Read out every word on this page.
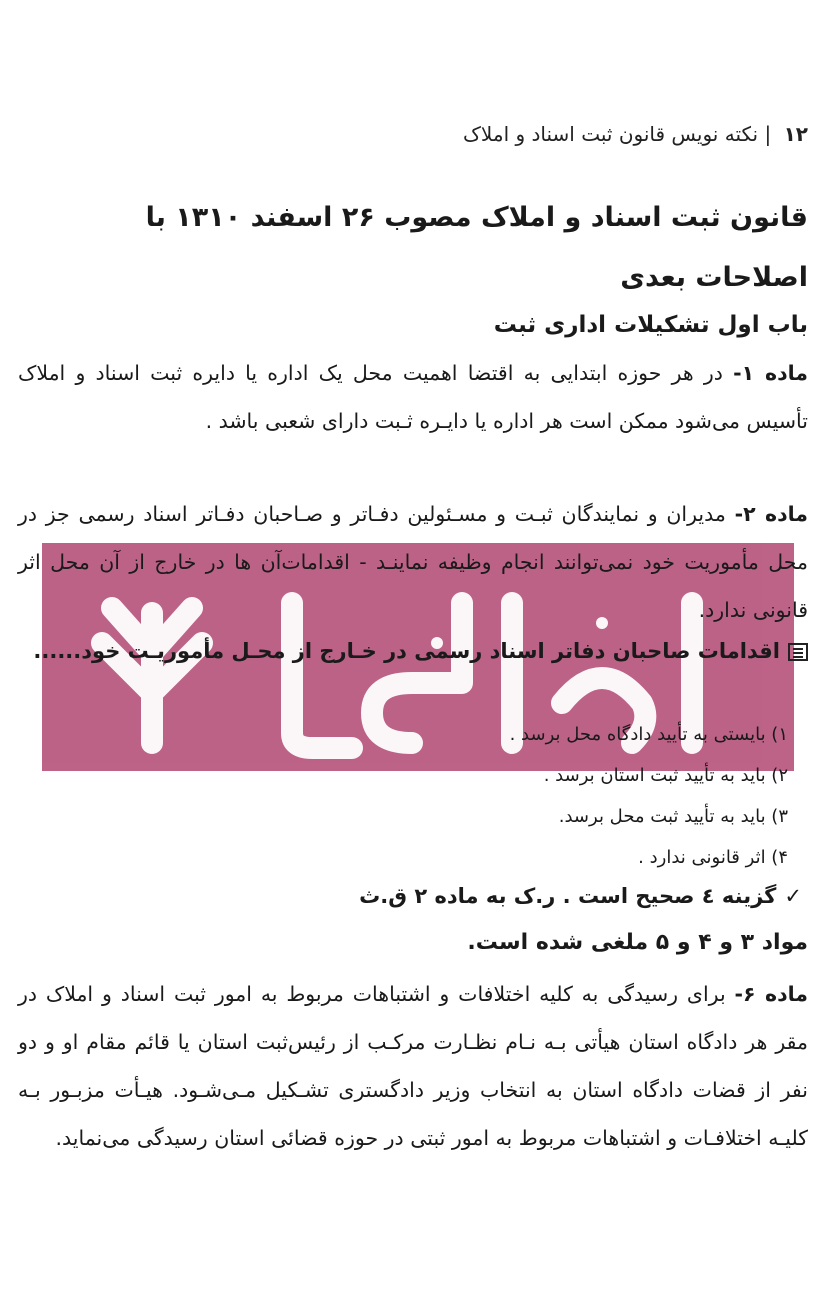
۱۲ | نکته نویس قانون ثبت اسناد و املاک
قانون ثبت اسناد و املاک مصوب ۲۶ اسفند ۱۳۱۰ با اصلاحات بعدی
باب اول تشکیلات اداری ثبت
ماده ۱- در هر حوزه ابتدایی به اقتضا اهمیت محل یک اداره یا دایره ثبت اسناد و املاک تأسیس می‌شود ممکن است هر اداره یا دایـره ثـبت دارای شعبی باشد .
ماده ۲- مدیران و نمایندگان ثبـت و مسـئولین دفـاتر و صـاحبان دفـاتر اسناد رسمی جز در محل مأموریت خود نمی‌توانند انجام وظیفه نماینـد - اقدامات‌آن ها در خارج از آن محل اثر قانونی ندارد.
اقدامات صاحبان دفاتر اسناد رسمی در خـارج از محـل مأموریـت خود......
۱) بایستی به تأیید دادگاه محل برسد .
۲) باید به تأیید ثبت استان برسد .
۳) باید به تأیید ثبت محل برسد.
۴) اثر قانونی ندارد .
✓گزینه ٤ صحیح است . ر.ک به ماده ۲ ق.ث
مواد ۳ و ۴ و ۵ ملغی شده است.
ماده ۶- برای رسیدگی به کلیه اختلافات و اشتباهات مربوط به امور ثبت اسناد و املاک در مقر هر دادگاه استان هیأتی بـه نـام نظـارت مرکـب از رئیس‌ثبت استان یا قائم مقام او و دو نفر از قضات دادگاه استان به انتخاب وزیر دادگستری تشـکیل مـی‌شـود. هیـأت مزبـور بـه کلیـه اختلافـات و اشتباهات مربوط به امور ثبتی در حوزه قضائی استان رسیدگی می‌نماید.
